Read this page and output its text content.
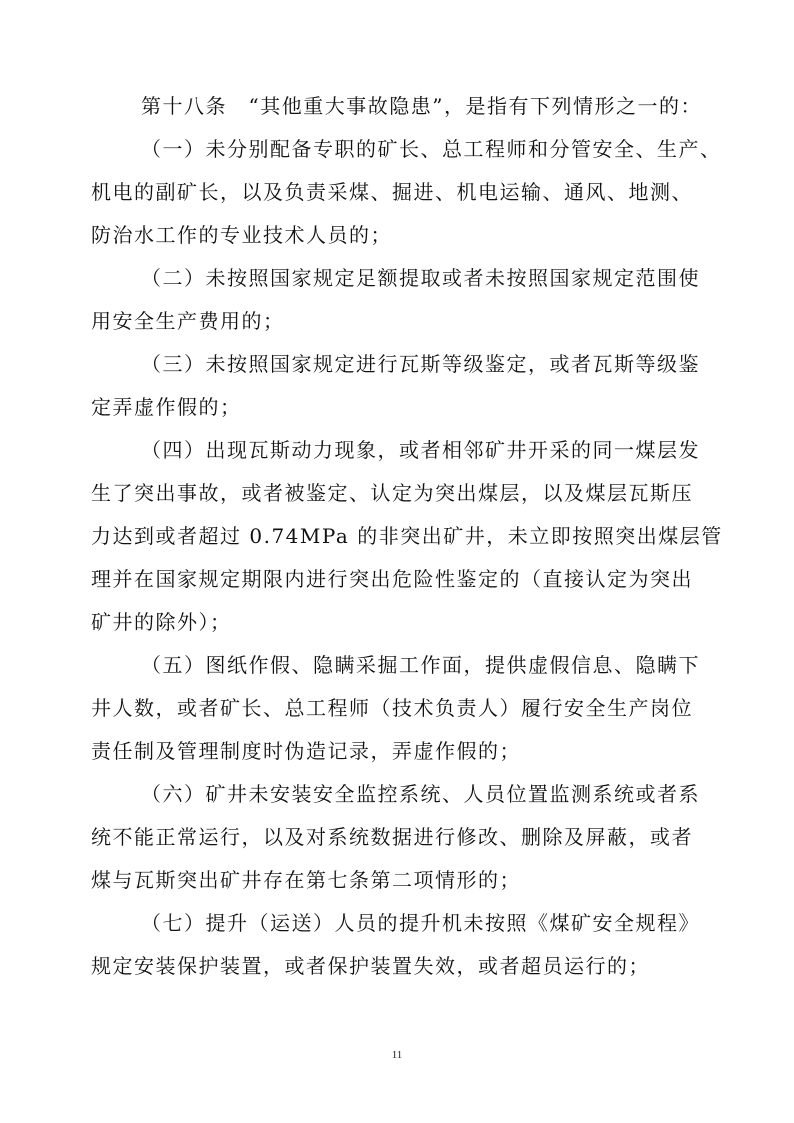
第十八条　“其他重大事故隐患”，是指有下列情形之一的：
（一）未分别配备专职的矿长、总工程师和分管安全、生产、
机电的副矿长，以及负责采煤、掘进、机电运输、通风、地测、
防治水工作的专业技术人员的；
（二）未按照国家规定足额提取或者未按照国家规定范围使
用安全生产费用的；
（三）未按照国家规定进行瓦斯等级鉴定，或者瓦斯等级鉴
定弄虚作假的；
（四）出现瓦斯动力现象，或者相邻矿井开采的同一煤层发
生了突出事故，或者被鉴定、认定为突出煤层，以及煤层瓦斯压
力达到或者超过 0.74MPa 的非突出矿井，未立即按照突出煤层管
理并在国家规定期限内进行突出危险性鉴定的（直接认定为突出
矿井的除外）；
（五）图纸作假、隐瞒采掘工作面，提供虚假信息、隐瞒下
井人数，或者矿长、总工程师（技术负责人）履行安全生产岗位
责任制及管理制度时伪造记录，弄虚作假的；
（六）矿井未安装安全监控系统、人员位置监测系统或者系
统不能正常运行，以及对系统数据进行修改、删除及屏蔽，或者
煤与瓦斯突出矿井存在第七条第二项情形的；
（七）提升（运送）人员的提升机未按照《煤矿安全规程》
规定安装保护装置，或者保护装置失效，或者超员运行的；
11
